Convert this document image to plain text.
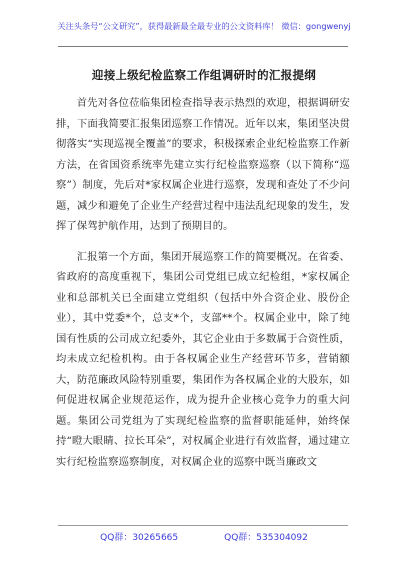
关注头条号“公文研究”，获得最新最全最专业的公文资料库！ 微信：gongwenyj
迎接上级纪检监察工作组调研时的汇报提纲

首先对各位莅临集团检查指导表示热烈的欢迎，根据调研安排，下面我简要汇报集团巡察工作情况。近年以来，集团坚决贯彻落实“实现巡视全覆盖”的要求，积极探索企业纪检监察工作新方法，在省国资系统率先建立实行纪检监察巡察（以下简称“巡察”）制度，先后对*家权属企业进行巡察，发现和查处了不少问题，减少和避免了企业生产经营过程中违法乱纪现象的发生，发挥了保驾护航作用，达到了预期目的。

汇报第一个方面，集团开展巡察工作的简要概况。在省委、省政府的高度重视下，集团公司党组已成立纪检组，*家权属企业和总部机关已全面建立党组织（包括中外合资企业、股份企业），其中党委*个，总支*个，支部**个。权属企业中，除了纯国有性质的公司成立纪委外，其它企业由于多数属于合资性质，均未成立纪检机构。由于各权属企业生产经营环节多，营销额大，防范廉政风险特别重要，集团作为各权属企业的大股东，如何促进权属企业规范运作，成为提升企业核心竞争力的重大问题。集团公司党组为了实现纪检监察的监督职能延伸，始终保持“瞪大眼睛、拉长耳朵”，对权属企业进行有效监督，通过建立实行纪检监察巡察制度，对权属企业的巡察中既当廉政文

QQ群：30265665	QQ群：535304092
